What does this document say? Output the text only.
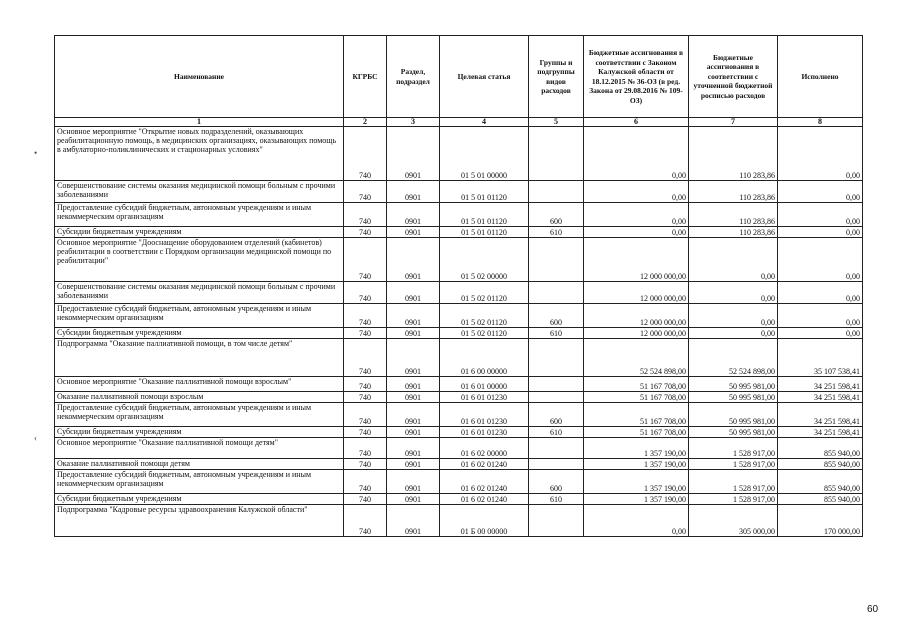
Наименование	КГРБС	Раздел, подраздел	Целевая статья	Группы и подгруппы видов расходов	Бюджетные ассигнования в соответствии с Законом Калужской области от 18.12.2015 № 36-ОЗ (в ред. Закона от 29.08.2016 № 109-ОЗ)	Бюджетные ассигнования в соответствии с уточненной бюджетной росписью расходов	Исполнено
1	2	3	4	5	6	7	8
Основное мероприятие "Открытие новых подразделений, оказывающих реабилитационную помощь, в медицинских организациях, оказывающих помощь в амбулаторно-поликлинических и стационарных условиях"	740	0901	01 5 01 00000		0,00	110 283,86	0,00
Совершенствование системы оказания медицинской помощи больным с прочими заболеваниями	740	0901	01 5 01 01120		0,00	110 283,86	0,00
Предоставление субсидий бюджетным, автономным учреждениям и иным некоммерческим организациям	740	0901	01 5 01 01120	600	0,00	110 283,86	0,00
Субсидии бюджетным учреждениям	740	0901	01 5 01 01120	610	0,00	110 283,86	0,00
Основное мероприятие "Дооснащение оборудованием отделений (кабинетов) реабилитации в соответствии с Порядком организации медицинской помощи по реабилитации"	740	0901	01 5 02 00000		12 000 000,00	0,00	0,00
Совершенствование системы оказания медицинской помощи больным с прочими заболеваниями	740	0901	01 5 02 01120		12 000 000,00	0,00	0,00
Предоставление субсидий бюджетным, автономным учреждениям и иным некоммерческим организациям	740	0901	01 5 02 01120	600	12 000 000,00	0,00	0,00
Субсидии бюджетным учреждениям	740	0901	01 5 02 01120	610	12 000 000,00	0,00	0,00
Подпрограмма "Оказание паллиативной помощи, в том числе детям"	740	0901	01 6 00 00000		52 524 898,00	52 524 898,00	35 107 538,41
Основное мероприятие "Оказание паллиативной помощи взрослым"	740	0901	01 6 01 00000		51 167 708,00	50 995 981,00	34 251 598,41
Оказание паллиативной помощи взрослым	740	0901	01 6 01 01230		51 167 708,00	50 995 981,00	34 251 598,41
Предоставление субсидий бюджетным, автономным учреждениям и иным некоммерческим организациям	740	0901	01 6 01 01230	600	51 167 708,00	50 995 981,00	34 251 598,41
Субсидии бюджетным учреждениям	740	0901	01 6 01 01230	610	51 167 708,00	50 995 981,00	34 251 598,41
Основное мероприятие "Оказание паллиативной помощи детям"	740	0901	01 6 02 00000		1 357 190,00	1 528 917,00	855 940,00
Оказание паллиативной помощи детям	740	0901	01 6 02 01240		1 357 190,00	1 528 917,00	855 940,00
Предоставление субсидий бюджетным, автономным учреждениям и иным некоммерческим организациям	740	0901	01 6 02 01240	600	1 357 190,00	1 528 917,00	855 940,00
Субсидии бюджетным учреждениям	740	0901	01 6 02 01240	610	1 357 190,00	1 528 917,00	855 940,00
Подпрограмма "Кадровые ресурсы здравоохранения Калужской области"	740	0901	01 Б 00 00000		0,00	305 000,00	170 000,00
•
‹
60
